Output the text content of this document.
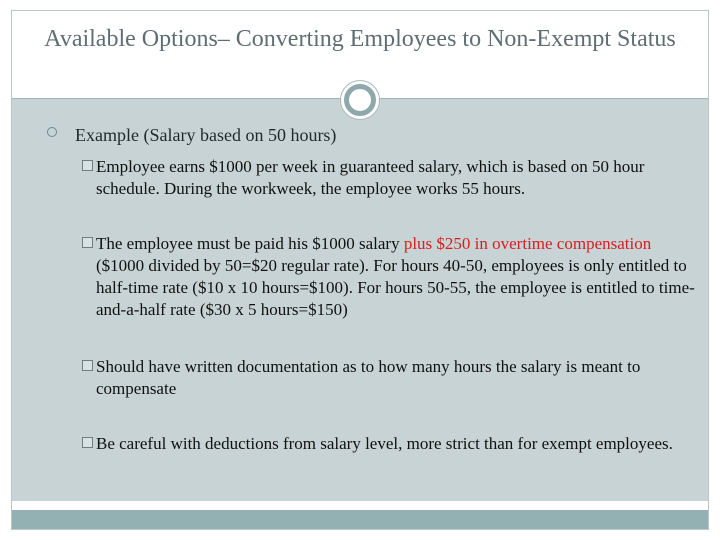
Available Options– Converting Employees to Non-Exempt Status
Example (Salary based on 50 hours)
Employee earns $1000 per week in guaranteed salary, which is based on 50 hour schedule. During the workweek, the employee works 55 hours.
The employee must be paid his $1000 salary plus $250 in overtime compensation ($1000 divided by 50=$20 regular rate). For hours 40-50, employees is only entitled to half-time rate ($10 x 10 hours=$100). For hours 50-55, the employee is entitled to time-and-a-half rate ($30 x 5 hours=$150)
Should have written documentation as to how many hours the salary is meant to compensate
Be careful with deductions from salary level, more strict than for exempt employees.
